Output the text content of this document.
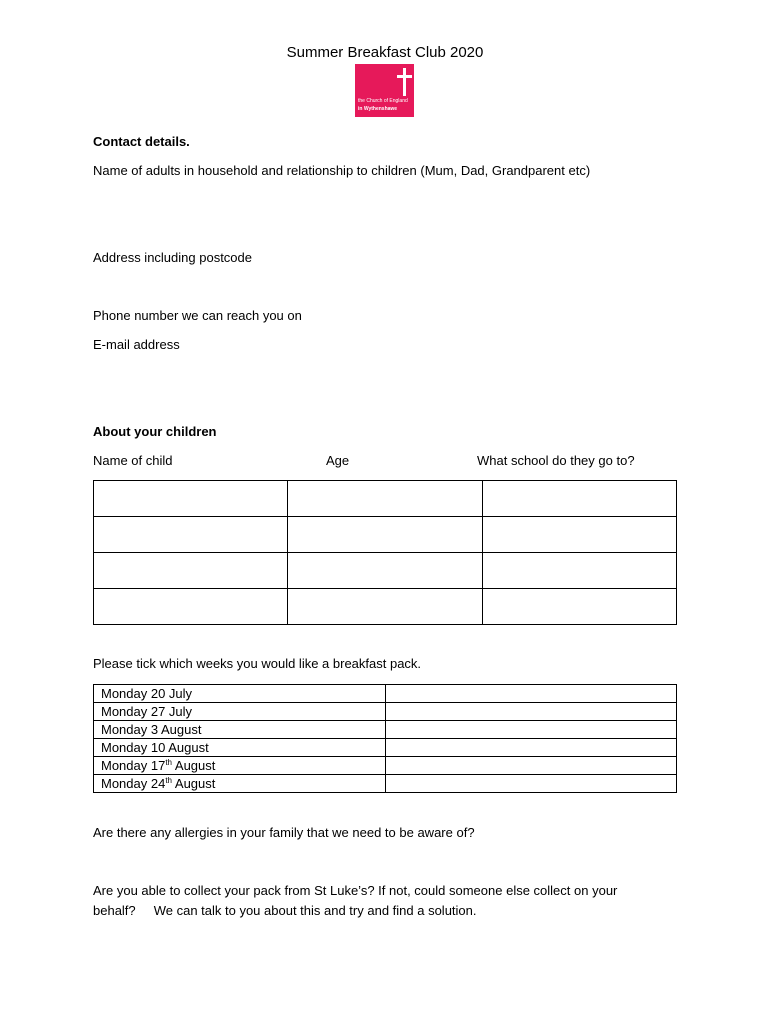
Summer Breakfast Club 2020
the Church of England
in Wythenshawe
Contact details.
Name of adults in household and relationship to children (Mum, Dad, Grandparent etc)
Address including postcode
Phone number we can reach you on
E-mail address
About your children
Name of child	Age	What school do they go to?

Please tick which weeks you would like a breakfast pack.
Monday 20 July	
Monday 27 July	
Monday 3 August	
Monday 10 August	
Monday 17th August	
Monday 24th August	
Are there any allergies in your family that we need to be aware of?
Are you able to collect your pack from St Luke’s? If not, could someone else collect on your
behalf?     We can talk to you about this and try and find a solution.
